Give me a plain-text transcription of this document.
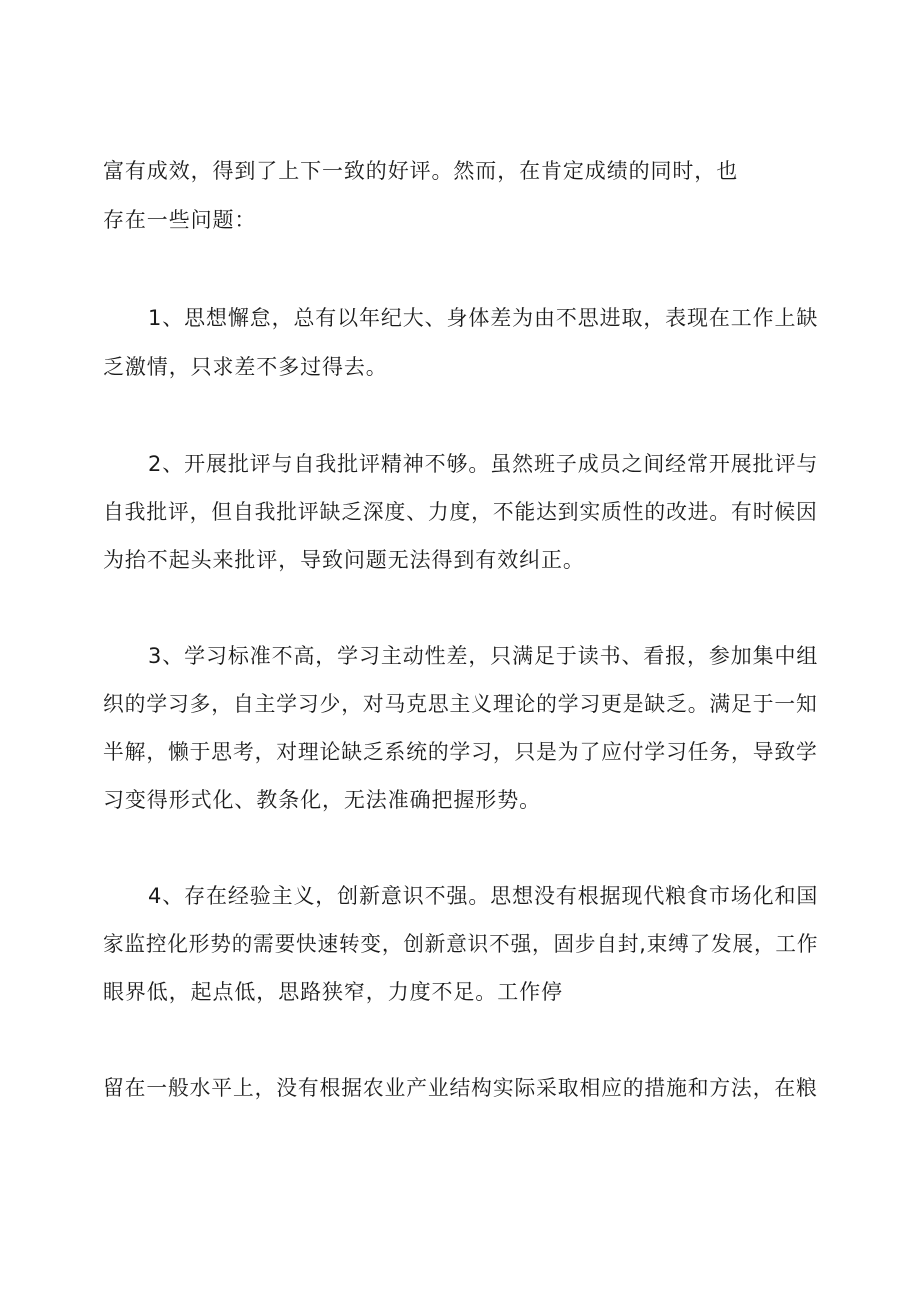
富有成效，得到了上下一致的好评。然而，在肯定成绩的同时，也

存在一些问题：

1、思想懈怠，总有以年纪大、身体差为由不思进取，表现在工作上缺

乏激情，只求差不多过得去。

2、开展批评与自我批评精神不够。虽然班子成员之间经常开展批评与

自我批评，但自我批评缺乏深度、力度，不能达到实质性的改进。有时候因

为抬不起头来批评，导致问题无法得到有效纠正。

3、学习标准不高，学习主动性差，只满足于读书、看报，参加集中组

织的学习多，自主学习少，对马克思主义理论的学习更是缺乏。满足于一知

半解，懒于思考，对理论缺乏系统的学习，只是为了应付学习任务，导致学

习变得形式化、教条化，无法准确把握形势。

4、存在经验主义，创新意识不强。思想没有根据现代粮食市场化和国

家监控化形势的需要快速转变，创新意识不强，固步自封,束缚了发展，工作

眼界低，起点低，思路狭窄，力度不足。工作停

留在一般水平上，没有根据农业产业结构实际采取相应的措施和方法，在粮
